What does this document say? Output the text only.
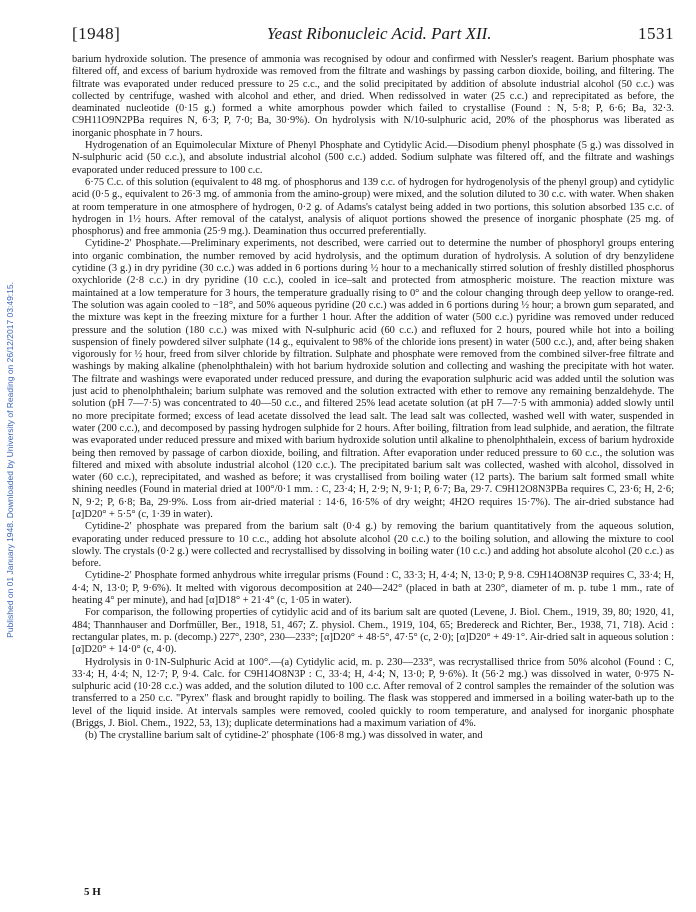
Published on 01 January 1948. Downloaded by University of Reading on 26/12/2017 03:49:15.
[1948]	Yeast Ribonucleic Acid. Part XII.	1531

barium hydroxide solution. The presence of ammonia was recognised by odour and confirmed with Nessler's reagent. Barium phosphate was filtered off, and excess of barium hydroxide was removed from the filtrate and washings by passing carbon dioxide, boiling, and filtering. The filtrate was evaporated under reduced pressure to 25 c.c., and the solid precipitated by addition of absolute industrial alcohol (50 c.c.) was collected by centrifuge, washed with alcohol and ether, and dried. When redissolved in water (25 c.c.) and reprecipitated as before, the deaminated nucleotide (0·15 g.) formed a white amorphous powder which failed to crystallise (Found : N, 5·8; P, 6·6; Ba, 32·3. C9H11O9N2PBa requires N, 6·3; P, 7·0; Ba, 30·9%). On hydrolysis with N/10-sulphuric acid, 20% of the phosphorus was liberated as inorganic phosphate in 7 hours.

Hydrogenation of an Equimolecular Mixture of Phenyl Phosphate and Cytidylic Acid.—Disodium phenyl phosphate (5 g.) was dissolved in N-sulphuric acid (50 c.c.), and absolute industrial alcohol (500 c.c.) added. Sodium sulphate was filtered off, and the filtrate and washings evaporated under reduced pressure to 100 c.c.

6·75 C.c. of this solution (equivalent to 48 mg. of phosphorus and 139 c.c. of hydrogen for hydrogenolysis of the phenyl group) and cytidylic acid (0·5 g., equivalent to 26·3 mg. of ammonia from the amino-group) were mixed, and the solution diluted to 30 c.c. with water. When shaken at room temperature in one atmosphere of hydrogen, 0·2 g. of Adams's catalyst being added in two portions, this solution absorbed 135 c.c. of hydrogen in 1½ hours. After removal of the catalyst, analysis of aliquot portions showed the presence of inorganic phosphate (25 mg. of phosphorus) and free ammonia (25·9 mg.). Deamination thus occurred preferentially.

Cytidine-2′ Phosphate.—Preliminary experiments, not described, were carried out to determine the number of phosphoryl groups entering into organic combination, the number removed by acid hydrolysis, and the optimum duration of hydrolysis. A solution of dry benzylidene cytidine (3 g.) in dry pyridine (30 c.c.) was added in 6 portions during ½ hour to a mechanically stirred solution of freshly distilled phosphorus oxychloride (2·8 c.c.) in dry pyridine (10 c.c.), cooled in ice–salt and protected from atmospheric moisture. The reaction mixture was maintained at a low temperature for 3 hours, the temperature gradually rising to 0° and the colour changing through deep yellow to orange-red. The solution was again cooled to −18°, and 50% aqueous pyridine (20 c.c.) was added in 6 portions during ½ hour; a brown gum separated, and the mixture was kept in the freezing mixture for a further 1 hour. After the addition of water (500 c.c.) pyridine was removed under reduced pressure and the solution (180 c.c.) was mixed with N-sulphuric acid (60 c.c.) and refluxed for 2 hours, poured while hot into a boiling suspension of finely powdered silver sulphate (14 g., equivalent to 98% of the chloride ions present) in water (500 c.c.), and, after being shaken vigorously for ½ hour, freed from silver chloride by filtration. Sulphate and phosphate were removed from the combined silver-free filtrate and washings by making alkaline (phenolphthalein) with hot barium hydroxide solution and collecting and washing the precipitate with hot water. The filtrate and washings were evaporated under reduced pressure, and during the evaporation sulphuric acid was added until the solution was just acid to phenolphthalein; barium sulphate was removed and the solution extracted with ether to remove any remaining benzaldehyde. The solution (pH 7—7·5) was concentrated to 40—50 c.c., and filtered 25% lead acetate solution (at pH 7—7·5 with ammonia) added slowly until no more precipitate formed; excess of lead acetate dissolved the lead salt. The lead salt was collected, washed well with water, suspended in water (200 c.c.), and decomposed by passing hydrogen sulphide for 2 hours. After boiling, filtration from lead sulphide, and aeration, the filtrate was evaporated under reduced pressure and mixed with barium hydroxide solution until alkaline to phenolphthalein, excess of barium hydroxide being then removed by passage of carbon dioxide, boiling, and filtration. After evaporation under reduced pressure to 60 c.c., the solution was filtered and mixed with absolute industrial alcohol (120 c.c.). The precipitated barium salt was collected, washed with alcohol, dissolved in water (60 c.c.), reprecipitated, and washed as before; it was crystallised from boiling water (12 parts). The barium salt formed small white shining needles (Found in material dried at 100°/0·1 mm. : C, 23·4; H, 2·9; N, 9·1; P, 6·7; Ba, 29·7. C9H12O8N3PBa requires C, 23·6; H, 2·6; N, 9·2; P, 6·8; Ba, 29·9%. Loss from air-dried material : 14·6, 16·5% of dry weight; 4H2O requires 15·7%). The air-dried substance had [α]D20° + 5·5° (c, 1·39 in water).

Cytidine-2′ phosphate was prepared from the barium salt (0·4 g.) by removing the barium quantitatively from the aqueous solution, evaporating under reduced pressure to 10 c.c., adding hot absolute alcohol (20 c.c.) to the boiling solution, and allowing the mixture to cool slowly. The crystals (0·2 g.) were collected and recrystallised by dissolving in boiling water (10 c.c.) and adding hot absolute alcohol (20 c.c.) as before.

Cytidine-2′ Phosphate formed anhydrous white irregular prisms (Found : C, 33·3; H, 4·4; N, 13·0; P, 9·8. C9H14O8N3P requires C, 33·4; H, 4·4; N, 13·0; P, 9·6%). It melted with vigorous decomposition at 240—242° (placed in bath at 230°, diameter of m. p. tube 1 mm., rate of heating 4° per minute), and had [α]D18° + 21·4° (c, 1·05 in water).

For comparison, the following properties of cytidylic acid and of its barium salt are quoted (Levene, J. Biol. Chem., 1919, 39, 80; 1920, 41, 484; Thannhauser and Dorfmüller, Ber., 1918, 51, 467; Z. physiol. Chem., 1919, 104, 65; Bredereck and Richter, Ber., 1938, 71, 718). Acid : rectangular plates, m. p. (decomp.) 227°, 230°, 230—233°; [α]D20° + 48·5°, 47·5° (c, 2·0); [α]D20° + 49·1°. Air-dried salt in aqueous solution : [α]D20° + 14·0° (c, 4·0).

Hydrolysis in 0·1N-Sulphuric Acid at 100°.—(a) Cytidylic acid, m. p. 230—233°, was recrystallised thrice from 50% alcohol (Found : C, 33·4; H, 4·4; N, 12·7; P, 9·4. Calc. for C9H14O8N3P : C, 33·4; H, 4·4; N, 13·0; P, 9·6%). It (56·2 mg.) was dissolved in water, 0·975 N-sulphuric acid (10·28 c.c.) was added, and the solution diluted to 100 c.c. After removal of 2 control samples the remainder of the solution was transferred to a 250 c.c. "Pyrex" flask and brought rapidly to boiling. The flask was stoppered and immersed in a boiling water-bath up to the level of the liquid inside. At intervals samples were removed, cooled quickly to room temperature, and analysed for inorganic phosphate (Briggs, J. Biol. Chem., 1922, 53, 13); duplicate determinations had a maximum variation of 4%.

(b) The crystalline barium salt of cytidine-2′ phosphate (106·8 mg.) was dissolved in water, and

5 H
